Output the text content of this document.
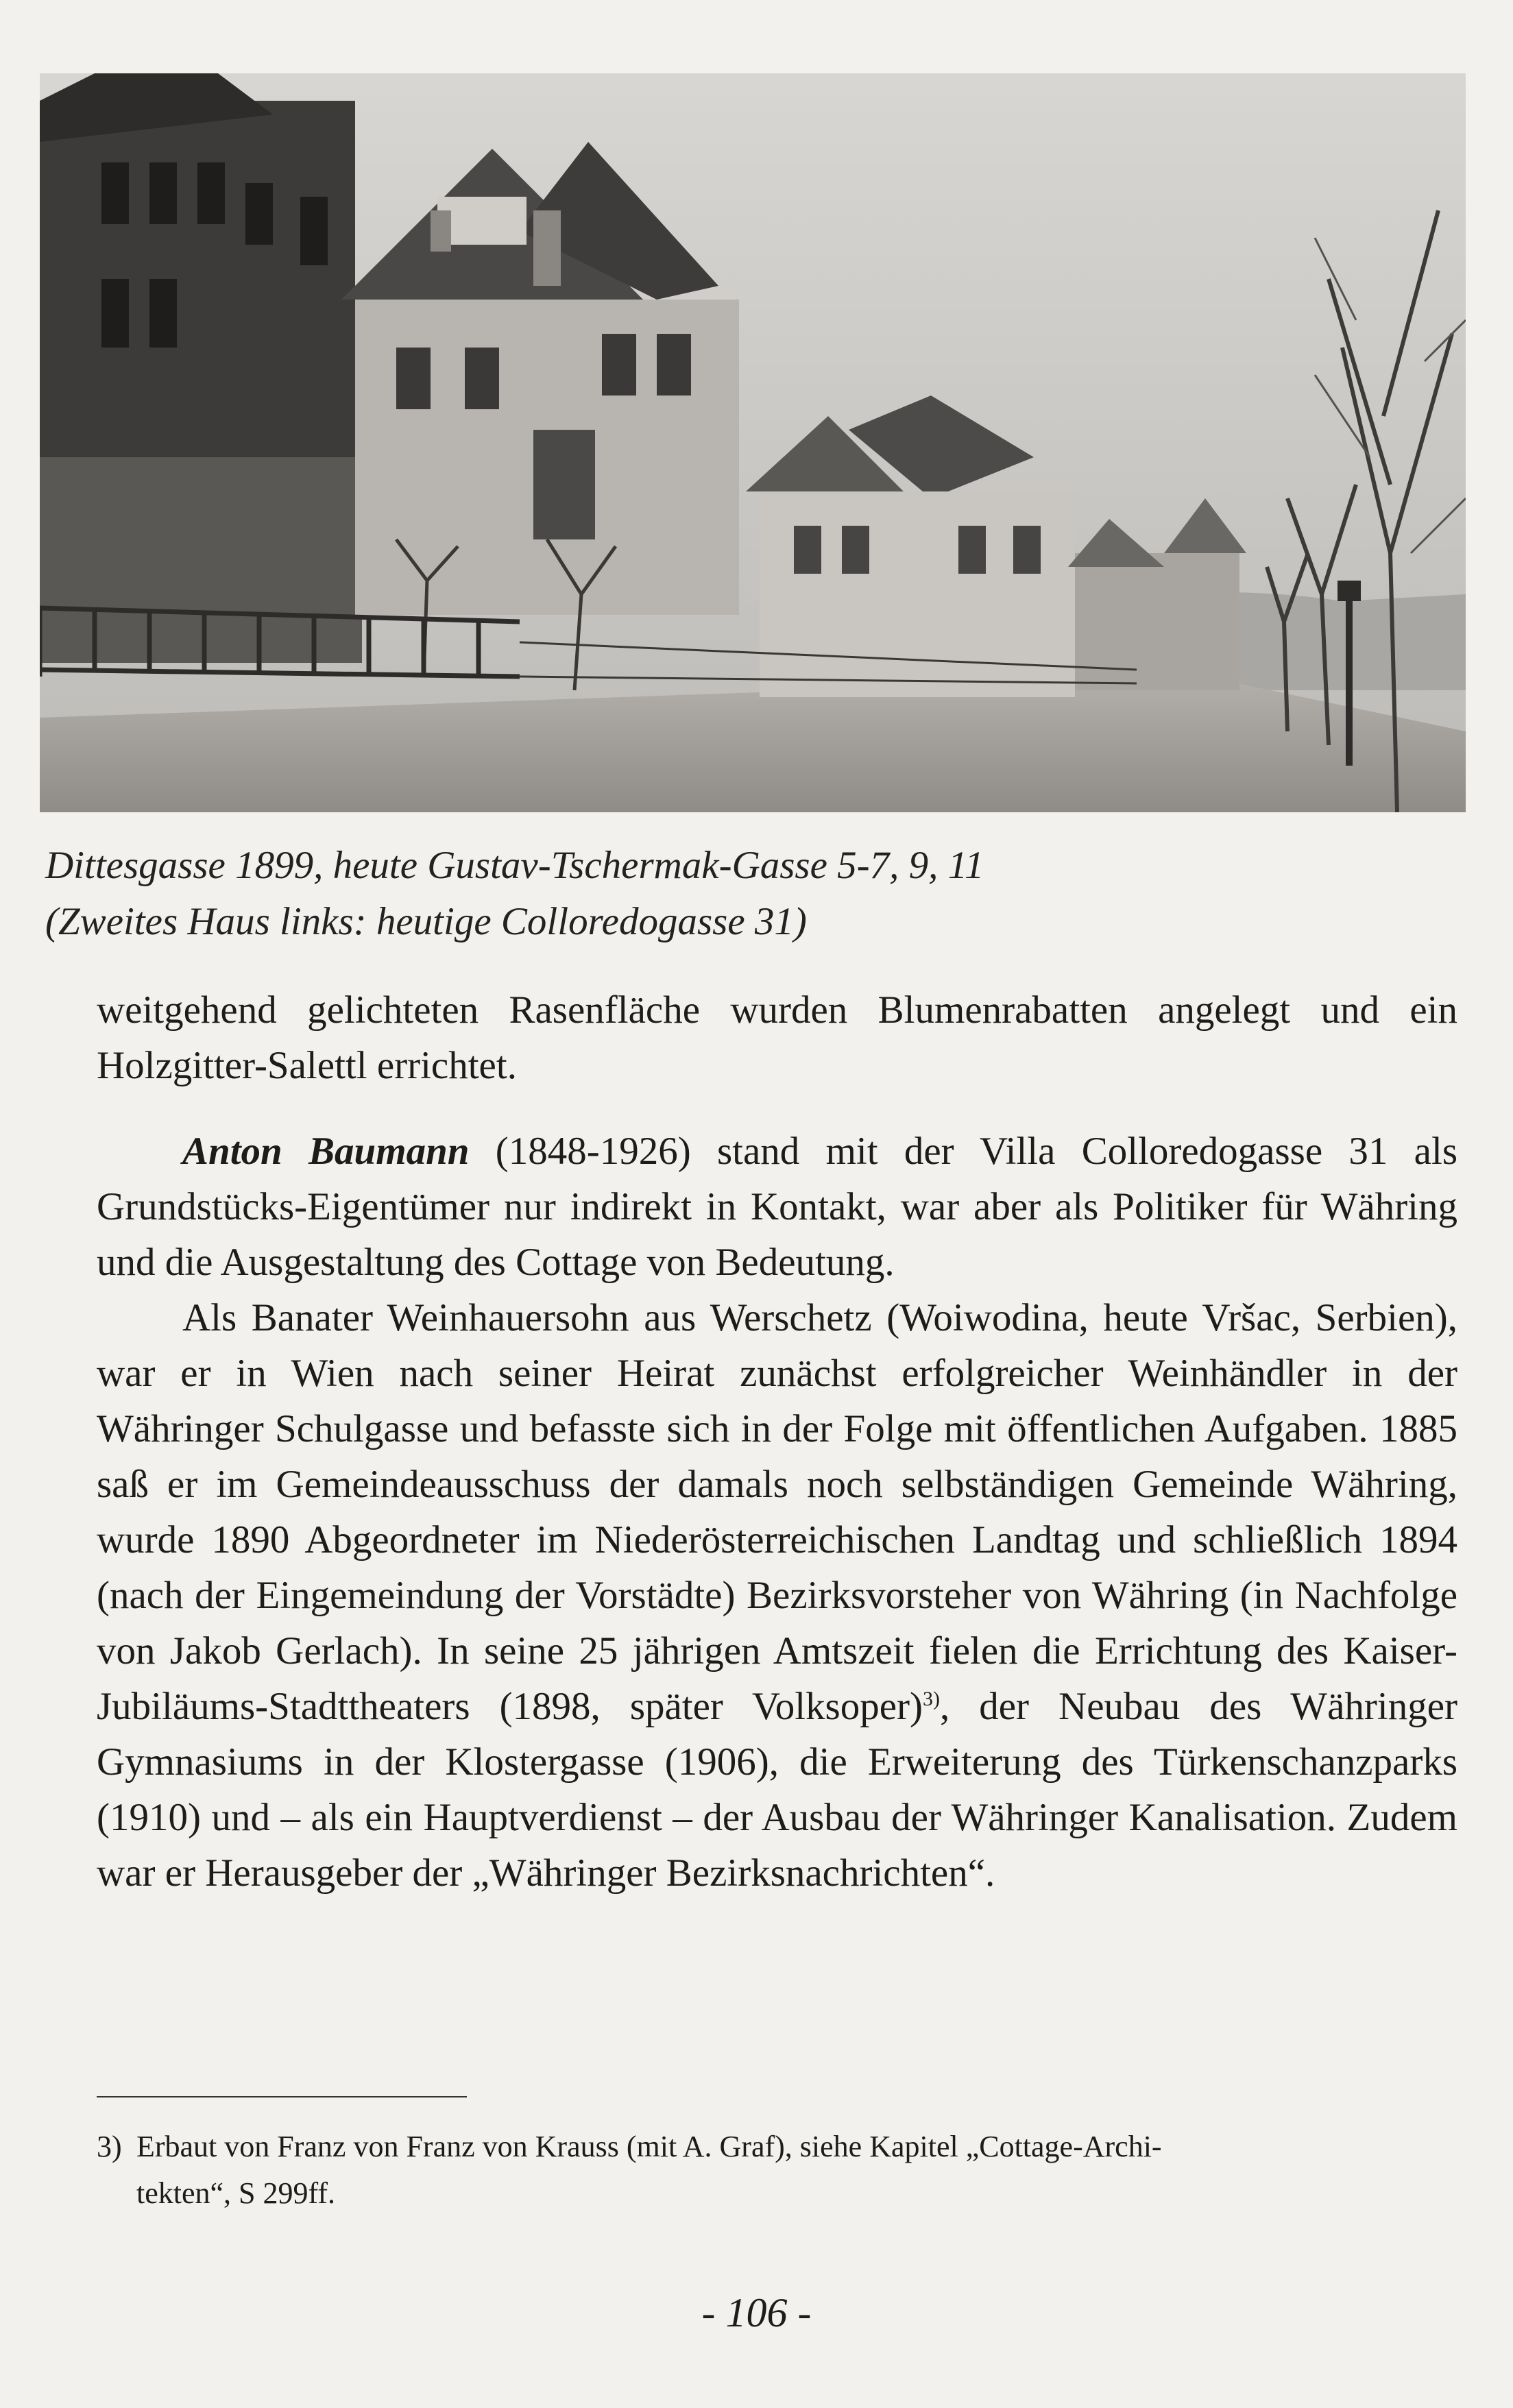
Dittesgasse 1899, heute Gustav-Tschermak-Gasse 5-7, 9, 11

(Zweites Haus links: heutige Colloredogasse 31)

weitgehend gelichteten Rasenfläche wurden Blumenrabatten angelegt und ein Holzgitter-Salettl errichtet.

Anton Baumann (1848-1926) stand mit der Villa Colloredogasse 31 als Grundstücks-Eigentümer nur indirekt in Kontakt, war aber als Politiker für Währing und die Ausgestaltung des Cottage von Bedeutung.

Als Banater Weinhauersohn aus Werschetz (Woiwodina, heute Vršac, Serbien), war er in Wien nach seiner Heirat zunächst erfolgreicher Weinhändler in der Währinger Schulgasse und befasste sich in der Folge mit öffentlichen Aufgaben. 1885 saß er im Gemeindeausschuss der damals noch selbständigen Gemeinde Währing, wurde 1890 Abgeordneter im Niederösterreichischen Landtag und schließlich 1894 (nach der Eingemeindung der Vorstädte) Bezirksvorsteher von Währing (in Nachfolge von Jakob Gerlach). In seine 25 jährigen Amtszeit fielen die Errichtung des Kaiser-Jubiläums-Stadttheaters (1898, später Volksoper)$^{3)}$, der Neubau des Währinger Gymnasiums in der Klostergasse (1906), die Erweiterung des Türkenschanzparks (1910) und – als ein Hauptverdienst – der Ausbau der Währinger Kanalisation. Zudem war er Herausgeber der „Währinger Bezirksnachrichten“.

3) Erbaut von Franz von Franz von Krauss (mit A. Graf), siehe Kapitel „Cottage-Archi-
tekten“, S 299ff.
- 106 -
